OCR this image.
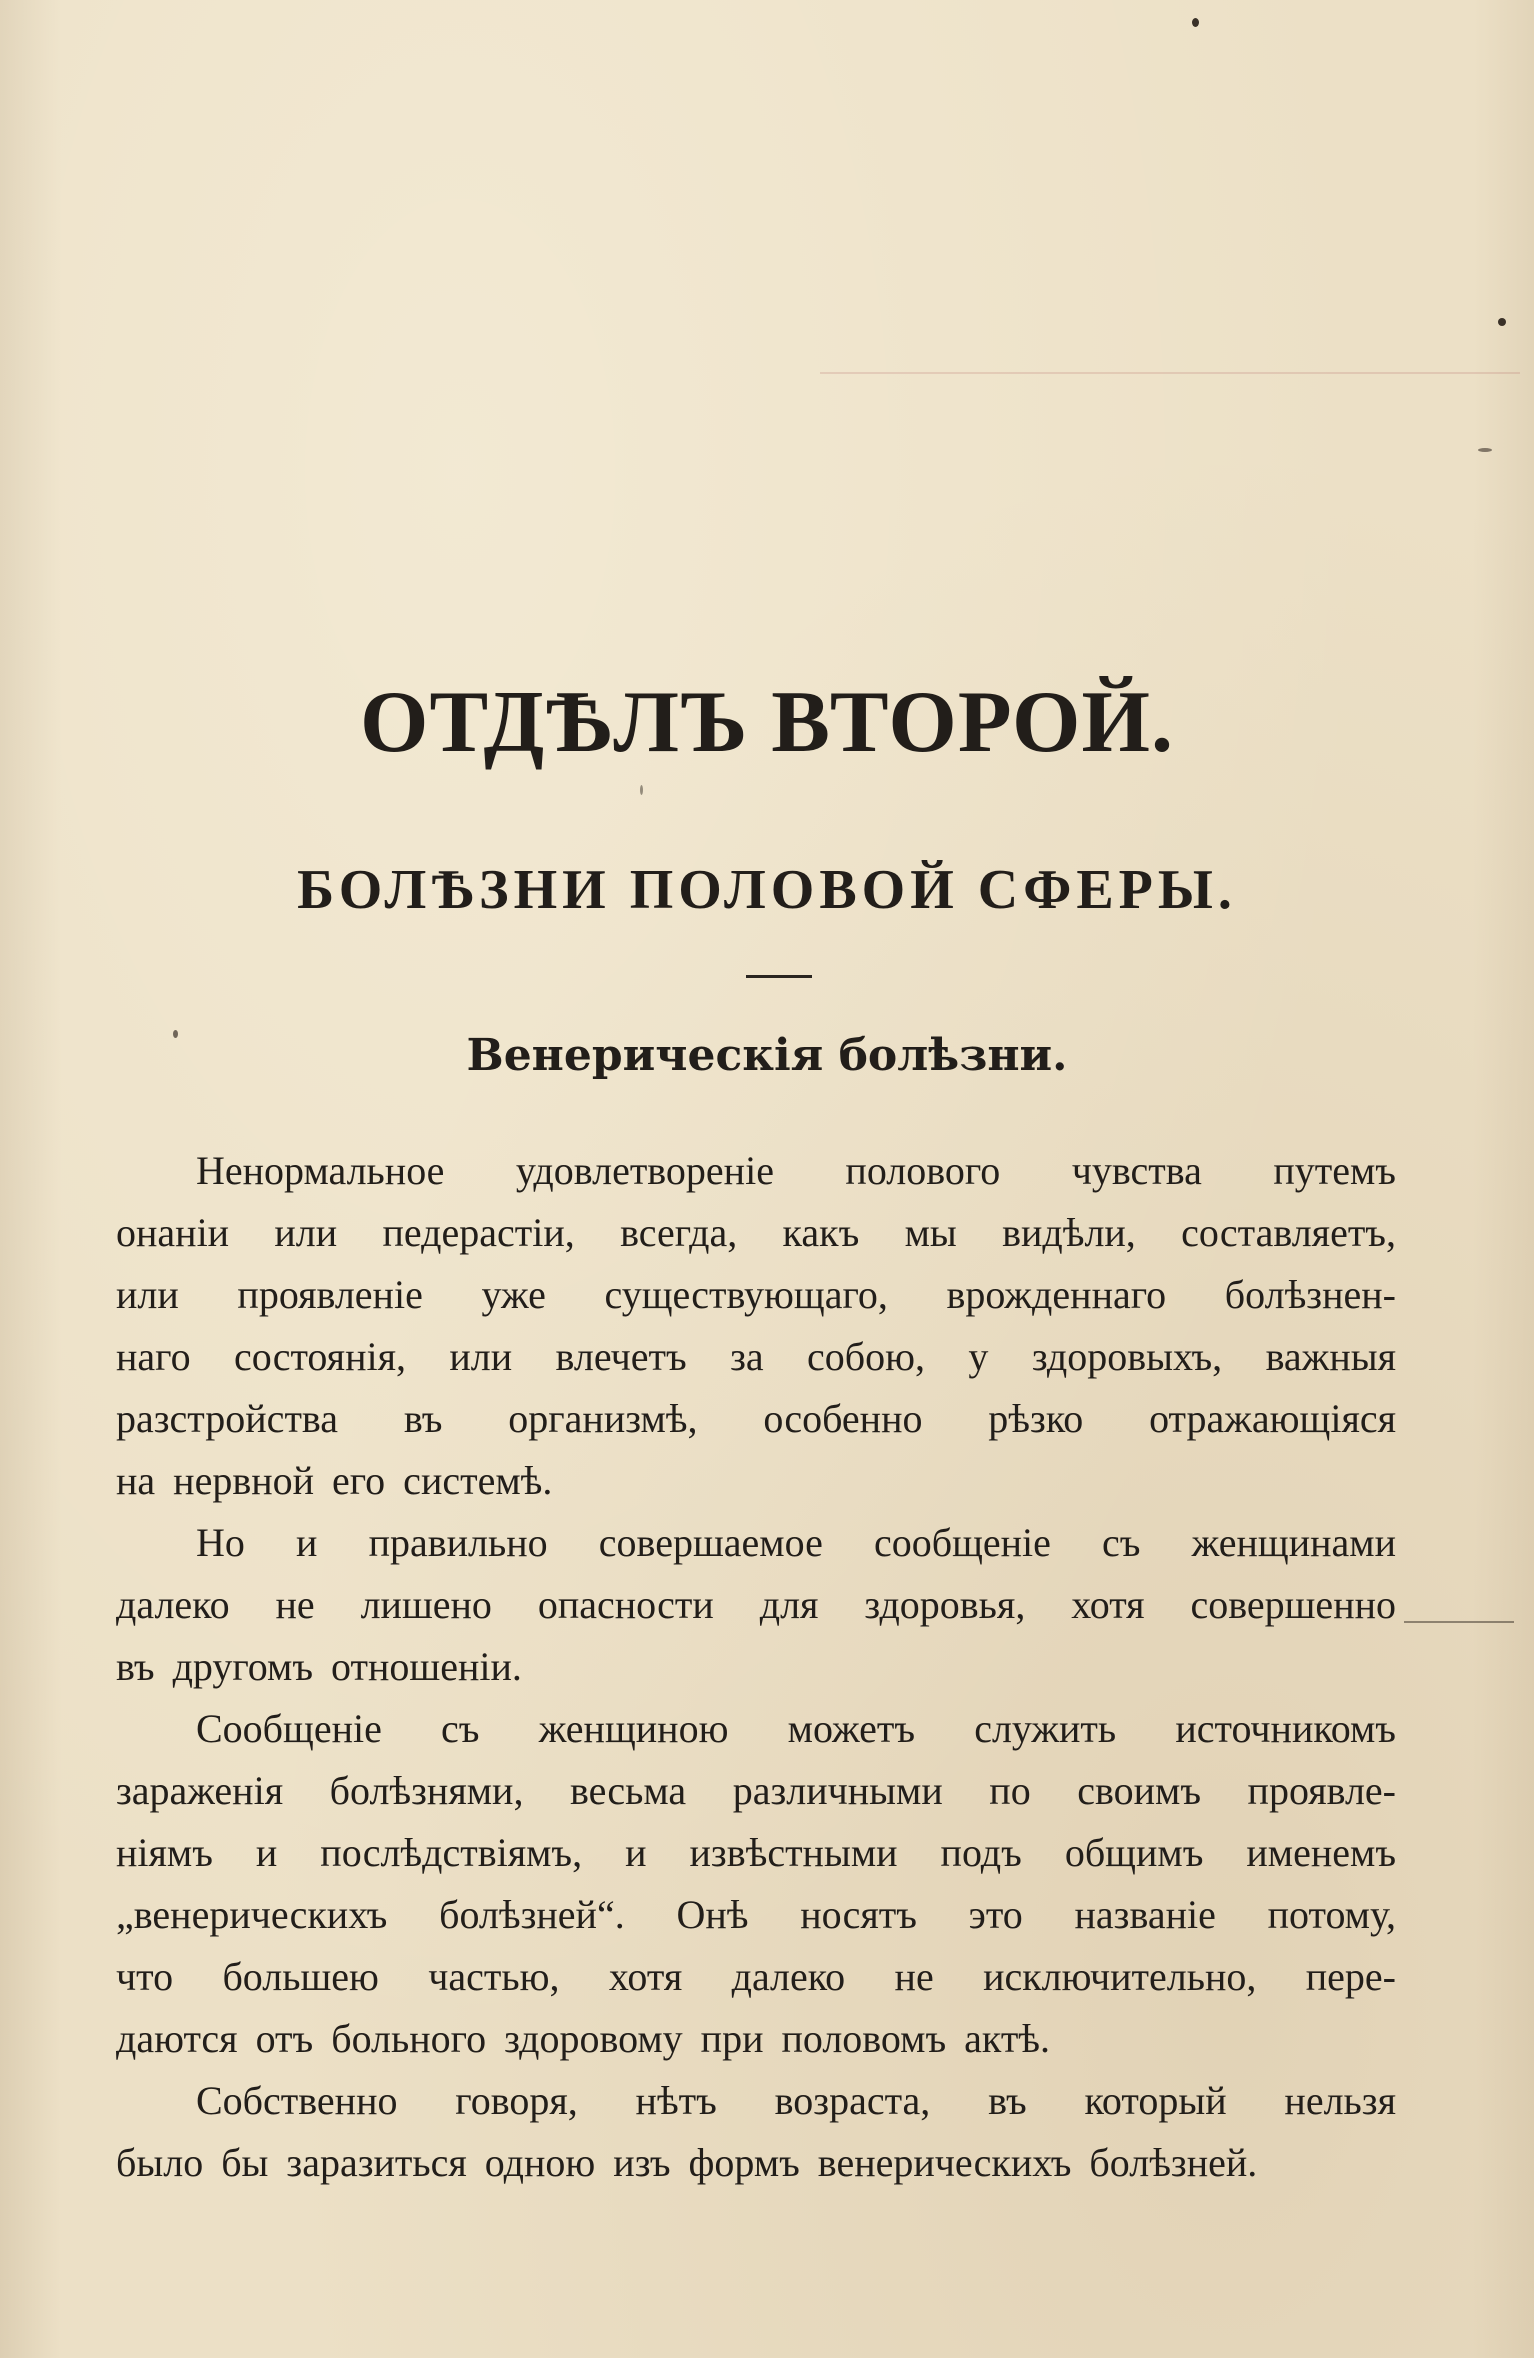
ОТДѢЛЪ ВТОРОЙ.
БОЛѢЗНИ ПОЛОВОЙ СФЕРЫ.
Венерическія болѣзни.
Ненормальное удовлетвореніе полового чувства путемъ
онаніи или педерастіи, всегда, какъ мы видѣли, составляетъ,
или проявленіе уже существующаго, врожденнаго болѣзнен-
наго состоянія, или влечетъ за собою, у здоровыхъ, важныя
разстройства въ организмѣ, особенно рѣзко отражающіяся
на нервной его системѣ.
Но и правильно совершаемое сообщеніе съ женщинами
далеко не лишено опасности для здоровья, хотя совершенно
въ другомъ отношеніи.
Сообщеніе съ женщиною можетъ служить источникомъ
зараженія болѣзнями, весьма различными по своимъ проявле-
ніямъ и послѣдствіямъ, и извѣстными подъ общимъ именемъ
„венерическихъ болѣзней“. Онѣ носятъ это названіе потому,
что большею частью, хотя далеко не исключительно, пере-
даются отъ больного здоровому при половомъ актѣ.
Собственно говоря, нѣтъ возраста, въ который нельзя
было бы заразиться одною изъ формъ венерическихъ болѣзней.
